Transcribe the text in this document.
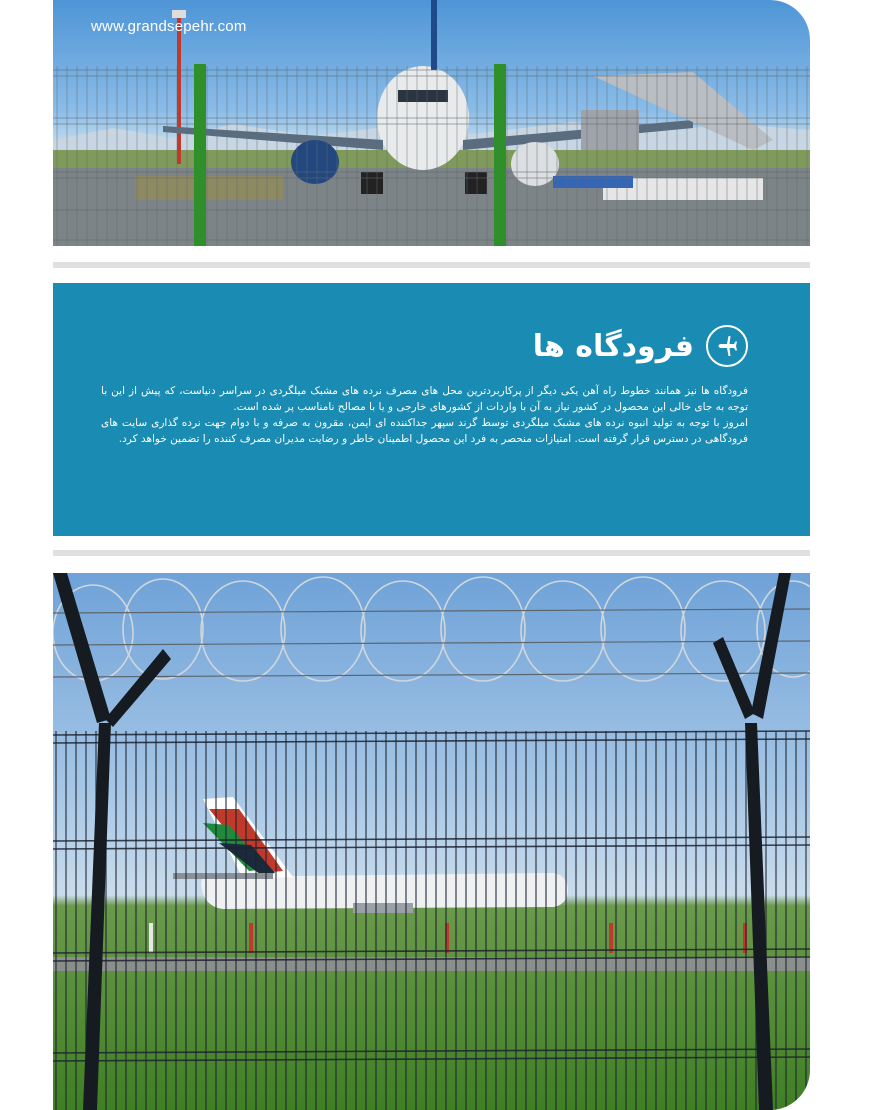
www.grandsepehr.com
فرودگاه ها

فرودگاه ها نیز همانند خطوط راه آهن یکی دیگر از پرکاربردترین محل های مصرف نرده های مشبک میلگردی در سراسر دنیاست، که پیش از این با توجه به جای خالی این محصول در کشور نیاز به آن با واردات از کشورهای خارجی و یا با مصالح نامناسب پر شده است.

امروز با توجه به تولید انبوه نرده های مشبک میلگردی توسط گرند سپهر جداکننده ای ایمن، مقرون به صرفه و با دوام جهت نرده گذاری سایت های فرودگاهی در دسترس قرار گرفته است. امتیازات منحصر به فرد این محصول اطمینان خاطر و رضایت مدیران مصرف کننده را تضمین خواهد کرد.
